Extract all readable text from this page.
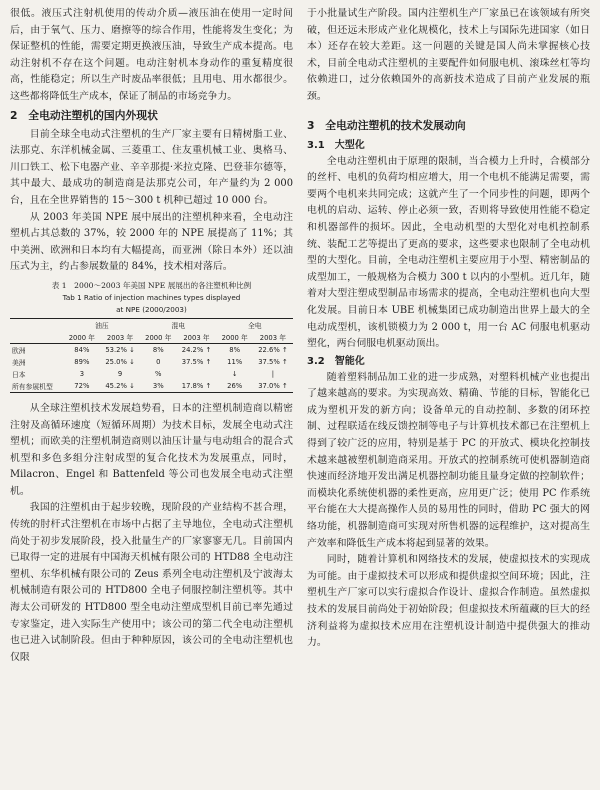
很低。液压式注射机使用的传动介质—液压油在使用一定时间后，由于氧气、压力、磨擦等的综合作用，性能将发生变化；为保证整机的性能，需要定期更换液压油，导致生产成本提高。电动注射机不存在这个问题。电动注射机本身动作的重复精度很高，性能稳定；所以生产时废品率很低；且用电、用水都很少。这些都将降低生产成本，保证了制品的市场竞争力。

2　全电动注塑机的国内外现状

目前全球全电动式注塑机的生产厂家主要有日精树脂工业、法那克、东洋机械金属、三菱重工、住友重机械工业、奥格马、川口铁工、松下电器产业、辛辛那提·米拉克隆、巴登菲尔德等，其中最大、最成功的制造商是法那克公司，年产量约为 2 000 台，且在全世界销售的 15～300 t 机种已超过 10 000 台。

从 2003 年美国 NPE 展中展出的注塑机种来看，全电动注塑机占其总数的 37%，较 2000 年的 NPE 展提高了 11%；其中美洲、欧洲和日本均有大幅提高，而亚洲（除日本外）还以油压式为主，约占参展数量的 84%，技术相对落后。

表 1　2000～2003 年美国 NPE 展展出的各注塑机种比例
Tab 1 Ratio of injection machines types displayed
at NPE (2000/2003)
	油压		混电		全电	
	2000 年	2003 年	2000 年	2003 年	2000 年	2003 年
欧洲	84%	53.2% ↓	8%	24.2% ↑	8%	22.6% ↑
美洲	89%	25.0% ↓	0	37.5% ↑	11%	37.5% ↑
日本	3	9	%		↓	|
所有参展机型	72%	45.2% ↓	3%	17.8% ↑	26%	37.0% ↑

从全球注塑机技术发展趋势看，日本的注塑机制造商以精密注射及高循环速度（短循环周期）为技术目标，发展全电动式注塑机；而欧美的注塑机制造商则以油压计量与电动组合的混合式机型和多色多组分注射成型的复合化技术为发展重点，同时，Milacron、Engel 和 Battenfeld 等公司也发展全电动式注塑机。

我国的注塑机由于起步较晚，现阶段的产业结构不甚合理，传统的肘杆式注塑机在市场中占据了主导地位，全电动式注塑机尚处于初步发展阶段，投入批量生产的厂家寥寥无几。目前国内已取得一定的进展有中国海天机械有限公司的 HTD88 全电动注塑机、东华机械有限公司的 Zeus 系列全电动注塑机及宁波海太机械制造有限公司的 HTD800 全电子伺服控制注塑机等。其中海太公司研发的 HTD800 型全电动注塑成型机目前已率先通过专家鉴定，进入实际生产使用中；该公司的第二代全电动注塑机也已进入试制阶段。但由于种种原因，该公司的全电动注塑机也仅限

于小批量试生产阶段。国内注塑机生产厂家虽已在该领域有所突破，但还远未形成产业化规模化，技术上与国际先进国家（如日本）还存在较大差距。这一问题的关键是国人尚未掌握核心技术，目前全电动式注塑机的主要配件如伺服电机、滚珠丝杠等均依赖进口，过分依赖国外的高新技术造成了目前产业发展的瓶颈。

3　全电动注塑机的技术发展动向
3.1　大型化

全电动注塑机由于原理的限制，当合模力上升时，合模部分的丝杆、电机的负荷均相应增大，用一个电机不能满足需要，需要两个电机来共同完成；这就产生了一个同步性的问题，即两个电机的启动、运转、停止必须一致，否则将导致使用性能不稳定和机器部件的损坏。因此，全电动机型的大型化对电机控制系统、装配工艺等提出了更高的要求，这些要求也限制了全电动机型的大型化。目前，全电动注塑机主要应用于小型、精密制品的成型加工，一般规格为合模力 300 t 以内的小型机。近几年，随着对大型注塑成型制品市场需求的提高，全电动注塑机也向大型化发展。目前日本 UBE 机械集团已成功制造出世界上最大的全电动成型机，该机锁模力为 2 000 t，用一台 AC 伺服电机驱动塑化，两台伺服电机驱动顶出。

3.2　智能化

随着塑料制品加工业的进一步成熟，对塑料机械产业也提出了越来越高的要求。为实现高效、精确、节能的目标，智能化已成为塑机开发的新方向；设备单元的自动控制、多数的闭环控制、过程联适在线反馈控制等电子与计算机技术都已在注塑机上得到了较广泛的应用，特别是基于 PC 的开放式、模块化控制技术越来越被塑机制造商采用。开放式的控制系统可使机器制造商快速而经济地开发出满足机器控制功能且量身定做的控制软件；而模块化系统使机器的柔性更高，应用更广泛；使用 PC 作系统平台能在大大提高操作人员的易用性的同时，借助 PC 强大的网络功能，机器制造商可实现对所售机器的远程维护，这对提高生产效率和降低生产成本将起到显著的效果。

同时，随着计算机和网络技术的发展，使虚拟技术的实现成为可能。由于虚拟技术可以形成和提供虚拟空间环境；因此，注塑机生产厂家可以实行虚拟合作设计、虚拟合作制造。虽然虚拟技术的发展目前尚处于初始阶段；但虚拟技术所蕴藏的巨大的经济利益将为虚拟技术应用在注塑机设计制造中提供强大的推动力。
